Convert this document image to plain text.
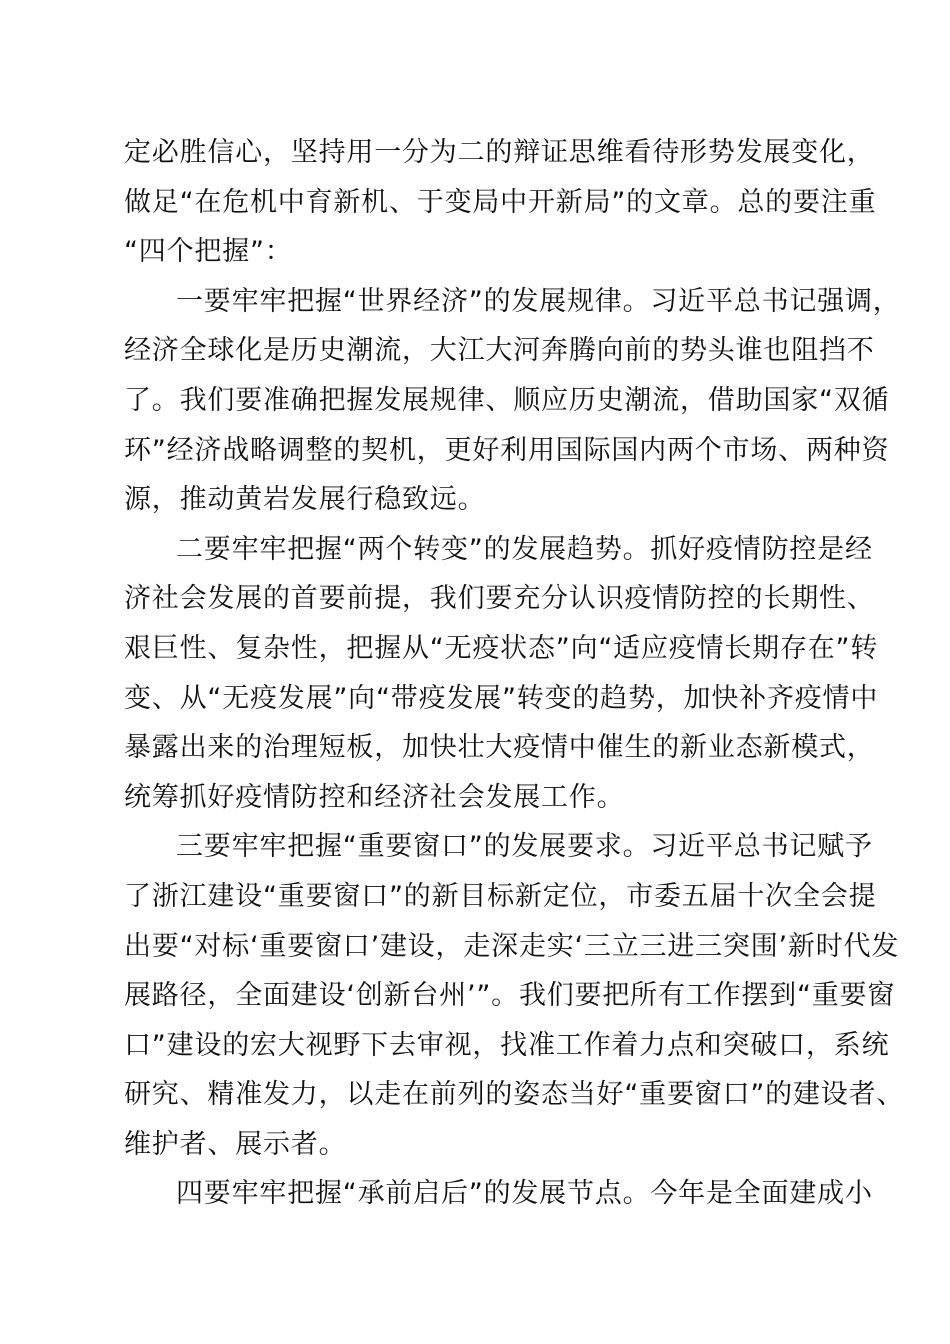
定必胜信心，坚持用一分为二的辩证思维看待形势发展变化，
做足“在危机中育新机、于变局中开新局”的文章。总的要注重
“四个把握”：
一要牢牢把握“世界经济”的发展规律。习近平总书记强调，
经济全球化是历史潮流，大江大河奔腾向前的势头谁也阻挡不
了。我们要准确把握发展规律、顺应历史潮流，借助国家“双循
环”经济战略调整的契机，更好利用国际国内两个市场、两种资
源，推动黄岩发展行稳致远。
二要牢牢把握“两个转变”的发展趋势。抓好疫情防控是经
济社会发展的首要前提，我们要充分认识疫情防控的长期性、
艰巨性、复杂性，把握从“无疫状态”向“适应疫情长期存在”转
变、从“无疫发展”向“带疫发展”转变的趋势，加快补齐疫情中
暴露出来的治理短板，加快壮大疫情中催生的新业态新模式，
统筹抓好疫情防控和经济社会发展工作。
三要牢牢把握“重要窗口”的发展要求。习近平总书记赋予
了浙江建设“重要窗口”的新目标新定位，市委五届十次全会提
出要“对标‘重要窗口’建设，走深走实‘三立三进三突围’新时代发
展路径，全面建设‘创新台州’”。我们要把所有工作摆到“重要窗
口”建设的宏大视野下去审视，找准工作着力点和突破口，系统
研究、精准发力，以走在前列的姿态当好“重要窗口”的建设者、
维护者、展示者。
四要牢牢把握“承前启后”的发展节点。今年是全面建成小
